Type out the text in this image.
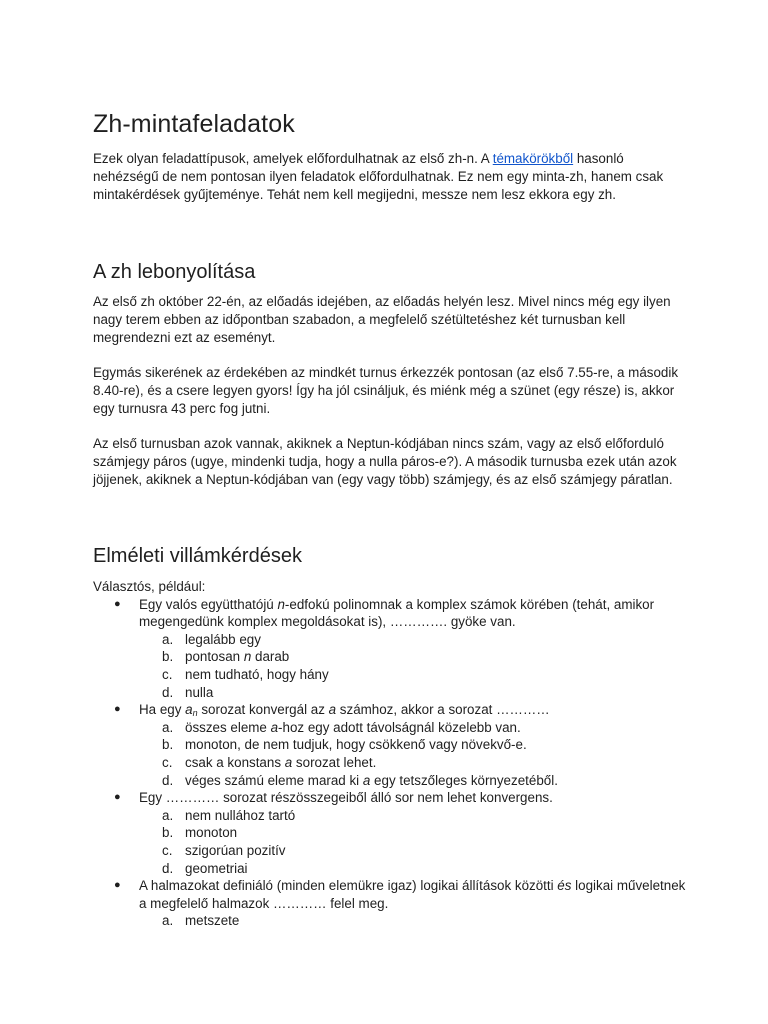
Zh-mintafeladatok

Ezek olyan feladattípusok, amelyek előfordulhatnak az első zh-n. A témakörökből hasonló nehézségű de nem pontosan ilyen feladatok előfordulhatnak. Ez nem egy minta-zh, hanem csak mintakérdések gyűjteménye. Tehát nem kell megijedni, messze nem lesz ekkora egy zh.

A zh lebonyolítása

Az első zh október 22-én, az előadás idejében, az előadás helyén lesz. Mivel nincs még egy ilyen nagy terem ebben az időpontban szabadon, a megfelelő szétültetéshez két turnusban kell megrendezni ezt az eseményt.

Egymás sikerének az érdekében az mindkét turnus érkezzék pontosan (az első 7.55-re, a második 8.40-re), és a csere legyen gyors! Így ha jól csináljuk, és miénk még a szünet (egy része) is, akkor egy turnusra 43 perc fog jutni.

Az első turnusban azok vannak, akiknek a Neptun-kódjában nincs szám, vagy az első előforduló számjegy páros (ugye, mindenki tudja, hogy a nulla páros-e?). A második turnusba ezek után azok jöjjenek, akiknek a Neptun-kódjában van (egy vagy több) számjegy, és az első számjegy páratlan.

Elméleti villámkérdések

Választós, például:

● Egy valós együtthatójú n-edfokú polinomnak a komplex számok körében (tehát, amikor megengedünk komplex megoldásokat is), …………. gyöke van.
a. legalább egy
b. pontosan n darab
c. nem tudható, hogy hány
d. nulla
● Ha egy $a_n$ sorozat konvergál az a számhoz, akkor a sorozat …………
a. összes eleme a-hoz egy adott távolságnál közelebb van.
b. monoton, de nem tudjuk, hogy csökkenő vagy növekvő-e.
c. csak a konstans a sorozat lehet.
d. véges számú eleme marad ki a egy tetszőleges környezetéből.
● Egy ………… sorozat részösszegeiből álló sor nem lehet konvergens.
a. nem nullához tartó
b. monoton
c. szigorúan pozitív
d. geometriai
● A halmazokat definiáló (minden elemükre igaz) logikai állítások közötti és logikai műveletnek a megfelelő halmazok ………… felel meg.
a. metszete
